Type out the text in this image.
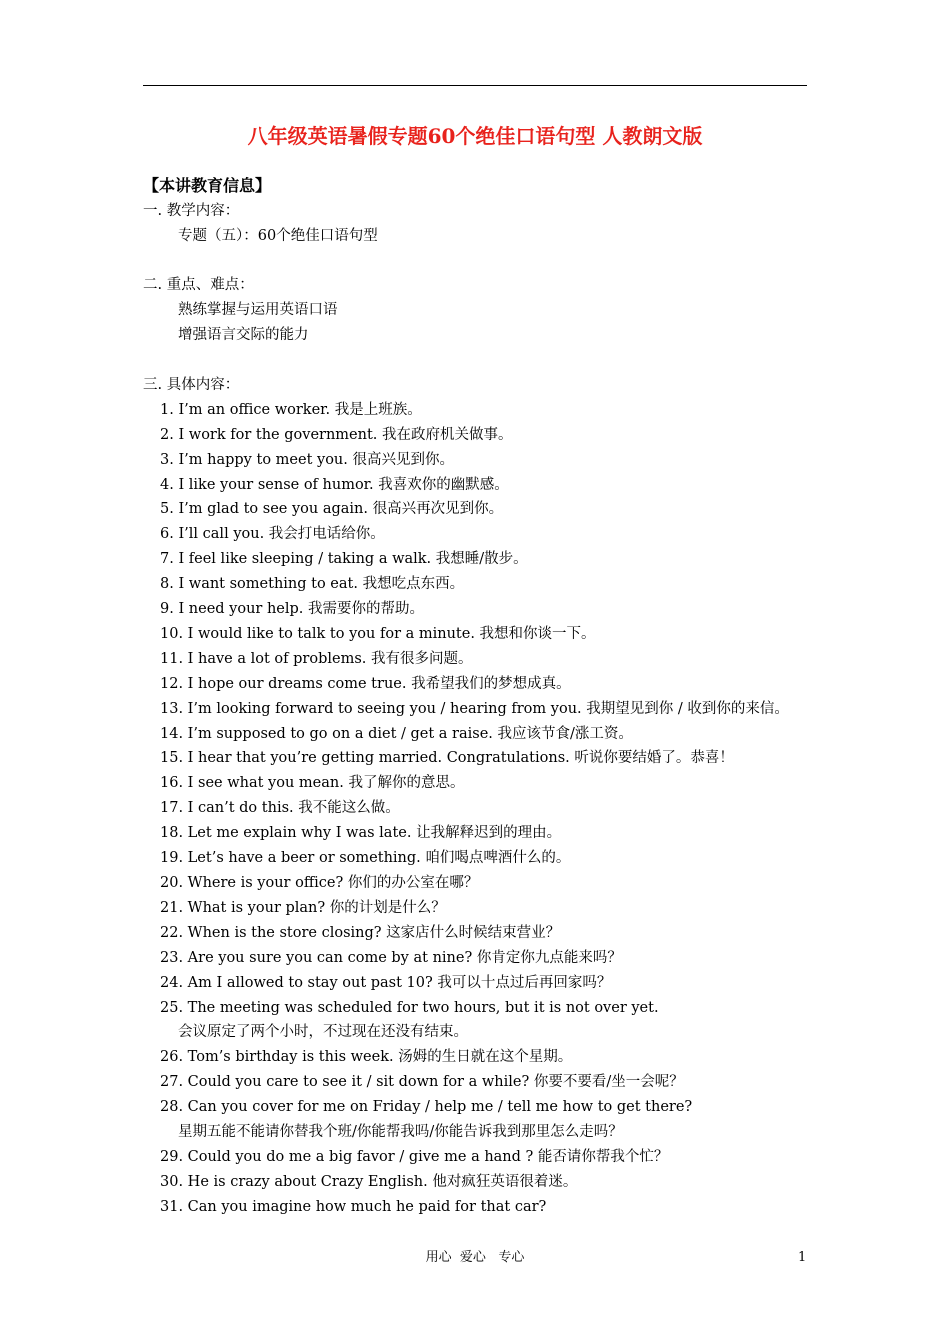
八年级英语暑假专题60个绝佳口语句型 人教朗文版
【本讲教育信息】
一. 教学内容：
专题（五）：60个绝佳口语句型
二. 重点、难点：
熟练掌握与运用英语口语
增强语言交际的能力
三. 具体内容：
1. I’m an office worker. 我是上班族。
2. I work for the government. 我在政府机关做事。
3. I’m happy to meet you. 很高兴见到你。
4. I like your sense of humor. 我喜欢你的幽默感。
5. I’m glad to see you again. 很高兴再次见到你。
6. I’ll call you. 我会打电话给你。
7. I feel like sleeping / taking a walk. 我想睡/散步。
8. I want something to eat. 我想吃点东西。
9. I need your help. 我需要你的帮助。
10. I would like to talk to you for a minute. 我想和你谈一下。
11. I have a lot of problems. 我有很多问题。
12. I hope our dreams come true. 我希望我们的梦想成真。
13. I’m looking forward to seeing you / hearing from you. 我期望见到你 / 收到你的来信。
14. I’m supposed to go on a diet / get a raise. 我应该节食/涨工资。
15. I hear that you’re getting married. Congratulations. 听说你要结婚了。恭喜！
16. I see what you mean. 我了解你的意思。
17. I can’t do this. 我不能这么做。
18. Let me explain why I was late. 让我解释迟到的理由。
19. Let’s have a beer or something. 咱们喝点啤酒什么的。
20. Where is your office? 你们的办公室在哪？
21. What is your plan? 你的计划是什么？
22. When is the store closing? 这家店什么时候结束营业？
23. Are you sure you can come by at nine? 你肯定你九点能来吗？
24. Am I allowed to stay out past 10? 我可以十点过后再回家吗？
25. The meeting was scheduled for two hours, but it is not over yet.
会议原定了两个小时，不过现在还没有结束。
26. Tom’s birthday is this week. 汤姆的生日就在这个星期。
27. Could you care to see it / sit down for a while? 你要不要看/坐一会呢？
28. Can you cover for me on Friday / help me / tell me how to get there?
星期五能不能请你替我个班/你能帮我吗/你能告诉我到那里怎么走吗？
29. Could you do me a big favor / give me a hand ? 能否请你帮我个忙？
30. He is crazy about Crazy English. 他对疯狂英语很着迷。
31. Can you imagine how much he paid for that car?
用心  爱心   专心	1
